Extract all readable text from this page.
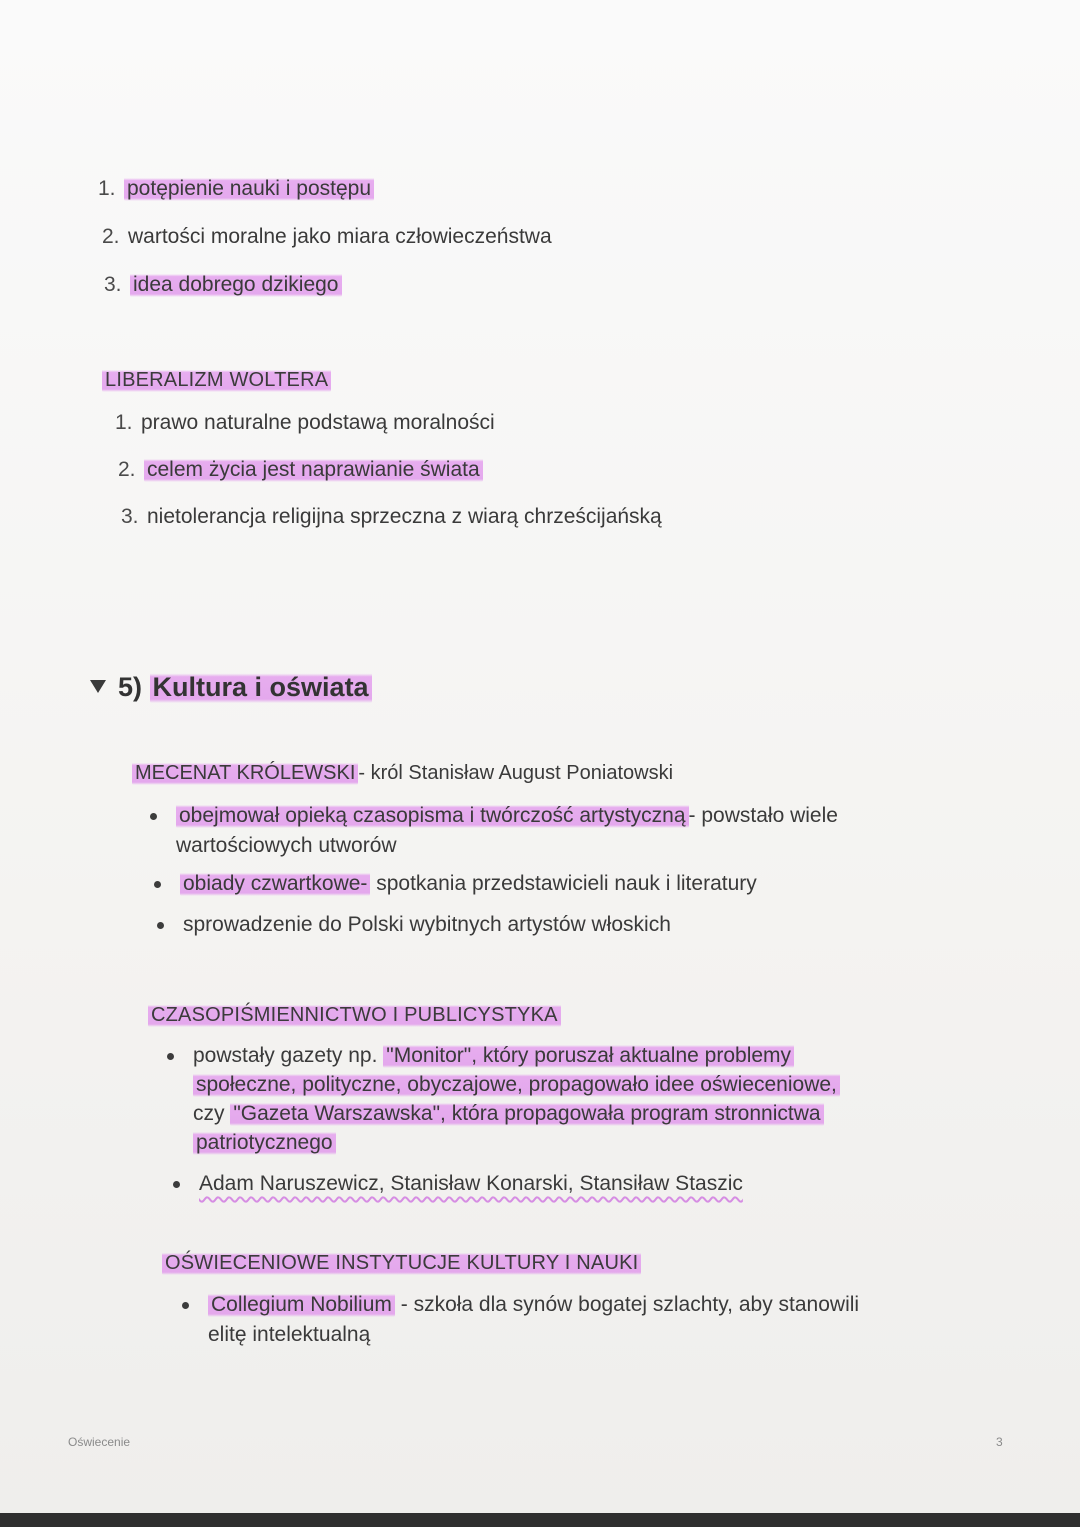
1. potępienie nauki i postępu
2. wartości moralne jako miara człowieczeństwa
3. idea dobrego dzikiego
LIBERALIZM WOLTERA
1. prawo naturalne podstawą moralności
2. celem życia jest naprawianie świata
3. nietolerancja religijna sprzeczna z wiarą chrześcijańską
5) Kultura i oświata
MECENAT KRÓLEWSKI - król Stanisław August Poniatowski
obejmował opieką czasopisma i twórczość artystyczną - powstało wiele
wartościowych utworów
obiady czwartkowe- spotkania przedstawicieli nauk i literatury
sprowadzenie do Polski wybitnych artystów włoskich
CZASOPIŚMIENNICTWO I PUBLICYSTYKA
powstały gazety np. "Monitor", który poruszał aktualne problemy
społeczne, polityczne, obyczajowe, propagowało idee oświeceniowe,
czy "Gazeta Warszawska", która propagowała program stronnictwa
patriotycznego
Adam Naruszewicz, Stanisław Konarski, Stansiław Staszic
OŚWIECENIOWE INSTYTUCJE KULTURY I NAUKI
Collegium Nobilium - szkoła dla synów bogatej szlachty, aby stanowili
elitę intelektualną
Oświecenie	3
